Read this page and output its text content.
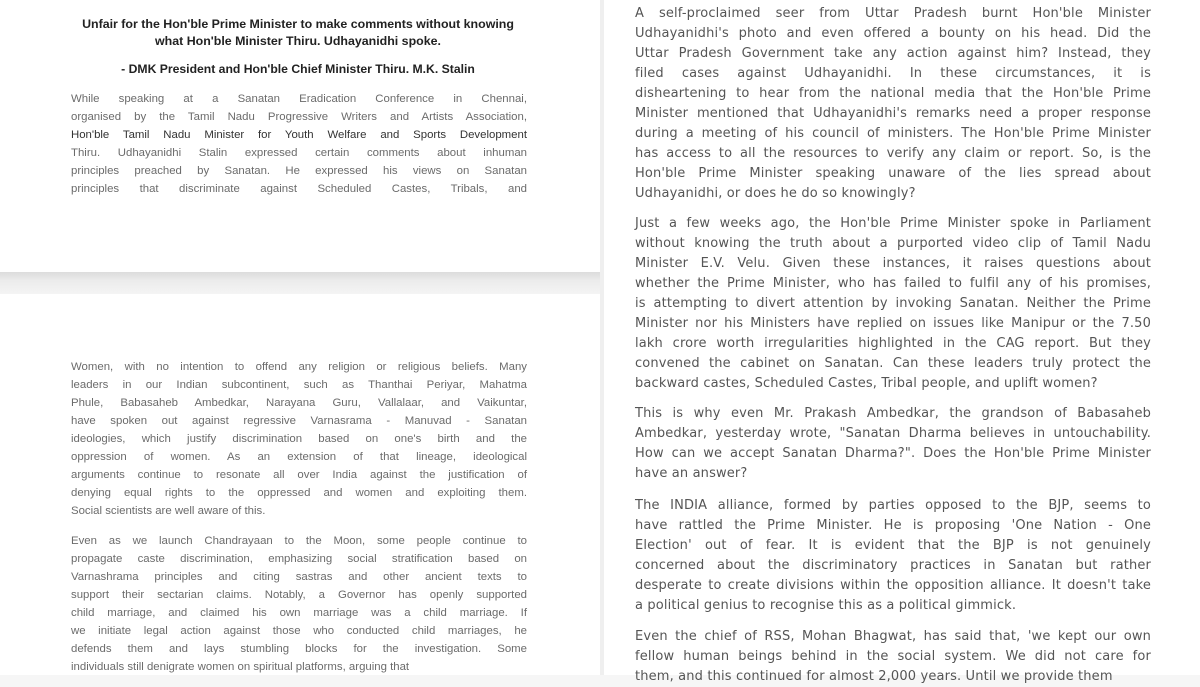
Unfair for the Hon'ble Prime Minister to make comments without knowing what Hon'ble Minister Thiru. Udhayanidhi spoke.

- DMK President and Hon'ble Chief Minister Thiru. M.K. Stalin

While speaking at a Sanatan Eradication Conference in Chennai,

organised by the Tamil Nadu Progressive Writers and Artists Association,

Hon'ble Tamil Nadu Minister for Youth Welfare and Sports Development

Thiru. Udhayanidhi Stalin expressed certain comments about inhuman

principles preached by Sanatan. He expressed his views on Sanatan

principles that discriminate against Scheduled Castes, Tribals, and

Women, with no intention to offend any religion or religious beliefs. Many

leaders in our Indian subcontinent, such as Thanthai Periyar, Mahatma

Phule, Babasaheb Ambedkar, Narayana Guru, Vallalaar, and Vaikuntar,

have spoken out against regressive Varnasrama - Manuvad - Sanatan

ideologies, which justify discrimination based on one's birth and the

oppression of women. As an extension of that lineage, ideological

arguments continue to resonate all over India against the justification of

denying equal rights to the oppressed and women and exploiting them.

Social scientists are well aware of this.

Even as we launch Chandrayaan to the Moon, some people continue to

propagate caste discrimination, emphasizing social stratification based on

Varnashrama principles and citing sastras and other ancient texts to

support their sectarian claims. Notably, a Governor has openly supported

child marriage, and claimed his own marriage was a child marriage. If

we initiate legal action against those who conducted child marriages, he

defends them and lays stumbling blocks for the investigation. Some

individuals still denigrate women on spiritual platforms, arguing that

A self-proclaimed seer from Uttar Pradesh burnt Hon'ble Minister

Udhayanidhi's photo and even offered a bounty on his head. Did the

Uttar Pradesh Government take any action against him? Instead, they

filed cases against Udhayanidhi. In these circumstances, it is

disheartening to hear from the national media that the Hon'ble Prime

Minister mentioned that Udhayanidhi's remarks need a proper response

during a meeting of his council of ministers. The Hon'ble Prime Minister

has access to all the resources to verify any claim or report. So, is the

Hon'ble Prime Minister speaking unaware of the lies spread about

Udhayanidhi, or does he do so knowingly?

Just a few weeks ago, the Hon'ble Prime Minister spoke in Parliament

without knowing the truth about a purported video clip of Tamil Nadu

Minister E.V. Velu. Given these instances, it raises questions about

whether the Prime Minister, who has failed to fulfil any of his promises,

is attempting to divert attention by invoking Sanatan. Neither the Prime

Minister nor his Ministers have replied on issues like Manipur or the 7.50

lakh crore worth irregularities highlighted in the CAG report. But they

convened the cabinet on Sanatan. Can these leaders truly protect the

backward castes, Scheduled Castes, Tribal people, and uplift women?

This is why even Mr. Prakash Ambedkar, the grandson of Babasaheb

Ambedkar, yesterday wrote, "Sanatan Dharma believes in untouchability.

How can we accept Sanatan Dharma?". Does the Hon'ble Prime Minister

have an answer?

The INDIA alliance, formed by parties opposed to the BJP, seems to

have rattled the Prime Minister. He is proposing 'One Nation - One

Election' out of fear. It is evident that the BJP is not genuinely

concerned about the discriminatory practices in Sanatan but rather

desperate to create divisions within the opposition alliance. It doesn't take

a political genius to recognise this as a political gimmick.

Even the chief of RSS, Mohan Bhagwat, has said that, 'we kept our own

fellow human beings behind in the social system. We did not care for

them, and this continued for almost 2,000 years. Until we provide them
